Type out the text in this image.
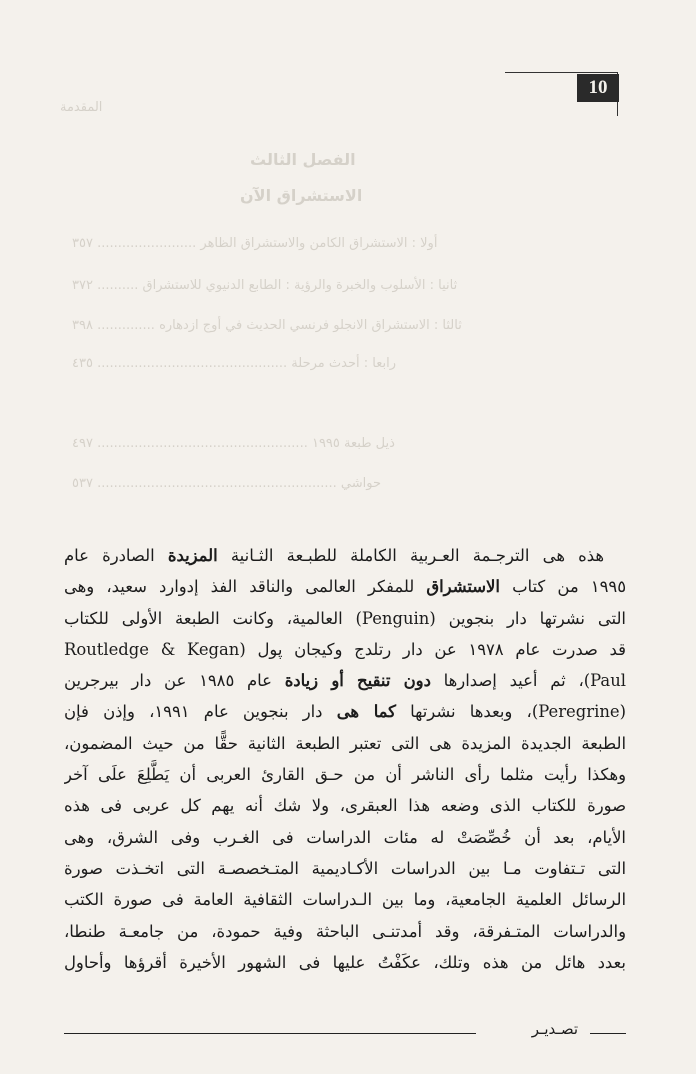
10
المقدمة
الفصل الثالث
الاستشراق الآن
أولا : الاستشراق الكامن والاستشراق الظاهر ........................ ٣٥٧
ثانيا : الأسلوب والخبرة والرؤية : الطابع الدنيوي للاستشراق .......... ٣٧٢
ثالثا : الاستشراق الانجلو فرنسي الحديث في أوج ازدهاره .............. ٣٩٨
رابعا : أحدث مرحلة .............................................. ٤٣٥
ذيل طبعة ١٩٩٥ ................................................... ٤٩٧
حواشي .......................................................... ٥٣٧
هذه هى الترجـمة العـربية الكاملة للطبـعة الثـانية المزيدة الصادرة عام
١٩٩٥ من كتاب الاستشراق للمفكر العالمى والناقد الفذ إدوارد سعيد، وهى
التى نشرتها دار بنجوين (Penguin) العالمية، وكانت الطبعة الأولى للكتاب
قد صدرت عام ١٩٧٨ عن دار رتلدج وكيجان پول (Routledge & Kegan
Paul)، ثم أعيد إصدارها دون تنقيح أو زيادة عام ١٩٨٥ عن دار بيرجرين
(Peregrine)، وبعدها نشرتها كما هى دار بنجوين عام ١٩٩١، وإذن فإن
الطبعة الجديدة المزيدة هى التى تعتبر الطبعة الثانية حقًّا من حيث المضمون،
وهكذا رأيت مثلما رأى الناشر أن من حـق القارئ العربى أن يَطَّلِعَ علَى آخر
صورة للكتاب الذى وضعه هذا العبقرى، ولا شك أنه يهم كل عربى فى هذه
الأيام، بعد أن خُصِّصَتْ له مئات الدراسات فى الغـرب وفى الشرق، وهى
التى تـتفاوت مـا بين الدراسات الأكـاديمية المتـخصصـة التى اتخـذت صورة
الرسائل العلمية الجامعية، وما بين الـدراسات الثقافية العامة فى صورة الكتب
والدراسات المتـفرقة، وقد أمدتنـى الباحثة وفية حمودة، من جامعـة طنطا،
بعدد هائل من هذه وتلك، عكَفْتُ عليها فى الشهور الأخيرة أقرؤها وأحاول
تصـديـر
